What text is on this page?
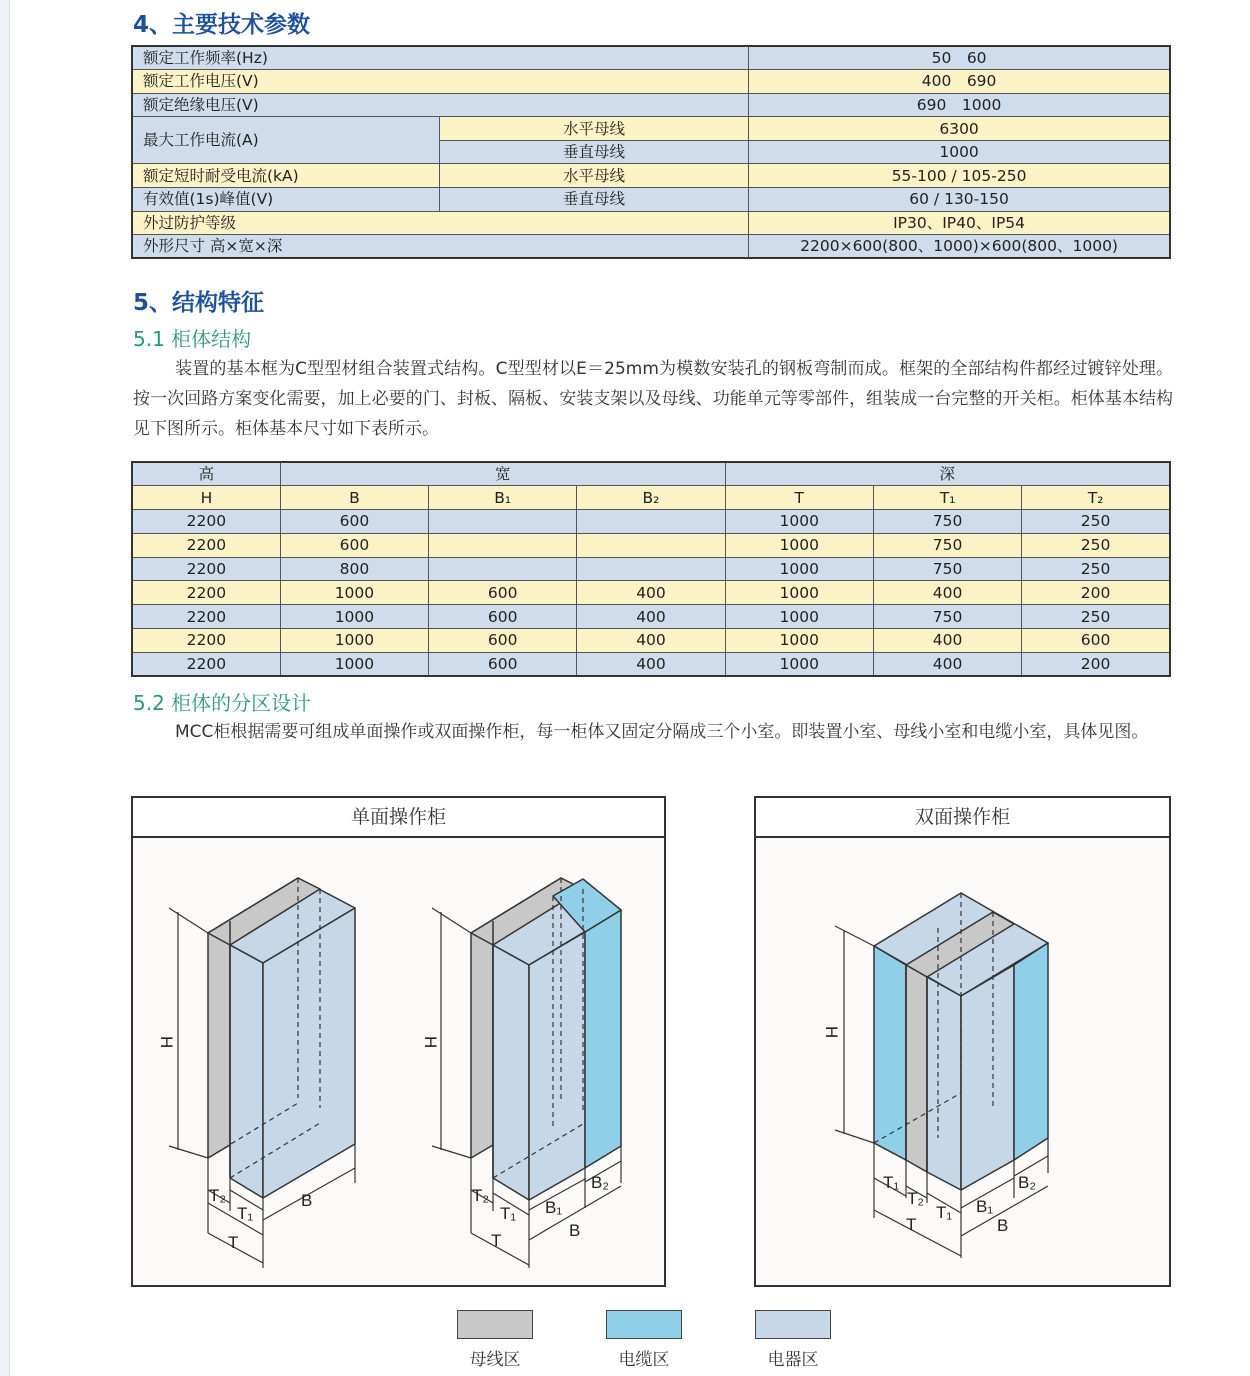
4、主要技术参数
额定工作频率(Hz)		50　60
额定工作电压(V)		400　690
额定绝缘电压(V)		690　1000
最大工作电流(A)	水平母线	6300
	垂直母线	1000
额定短时耐受电流(kA)	水平母线	55-100 / 105-250
有效值(1s)峰值(V)	垂直母线	60 / 130-150
外过防护等级		IP30、IP40、IP54
外形尺寸 高×宽×深		2200×600(800、1000)×600(800、1000)
5、结构特征
5.1 柜体结构
装置的基本框为C型型材组合装置式结构。C型型材以E＝25mm为模数安装孔的钢板弯制而成。框架的全部结构件都经过镀锌处理。按一次回路方案变化需要，加上必要的门、封板、隔板、安装支架以及母线、功能单元等零部件，组装成一台完整的开关柜。柜体基本结构见下图所示。柜体基本尺寸如下表所示。
高	宽			深		
H	B	B₁	B₂	T	T₁	T₂
2200	600			1000	750	250
2200	600			1000	750	250
2200	800			1000	750	250
2200	1000	600	400	1000	400	200
2200	1000	600	400	1000	750	250
2200	1000	600	400	1000	400	600
2200	1000	600	400	1000	400	200
5.2 柜体的分区设计
MCC柜根据需要可组成单面操作或双面操作柜，每一柜体又固定分隔成三个小室。即装置小室、母线小室和电缆小室，具体见图。
单面操作柜
H
T₂
T₁
T
B
H
T₂
T₁
T
B₁
B₂
B
双面操作柜
H
T₁
T₂
T
T₁ B₁
B₂
B
母线区	电缆区	电器区
